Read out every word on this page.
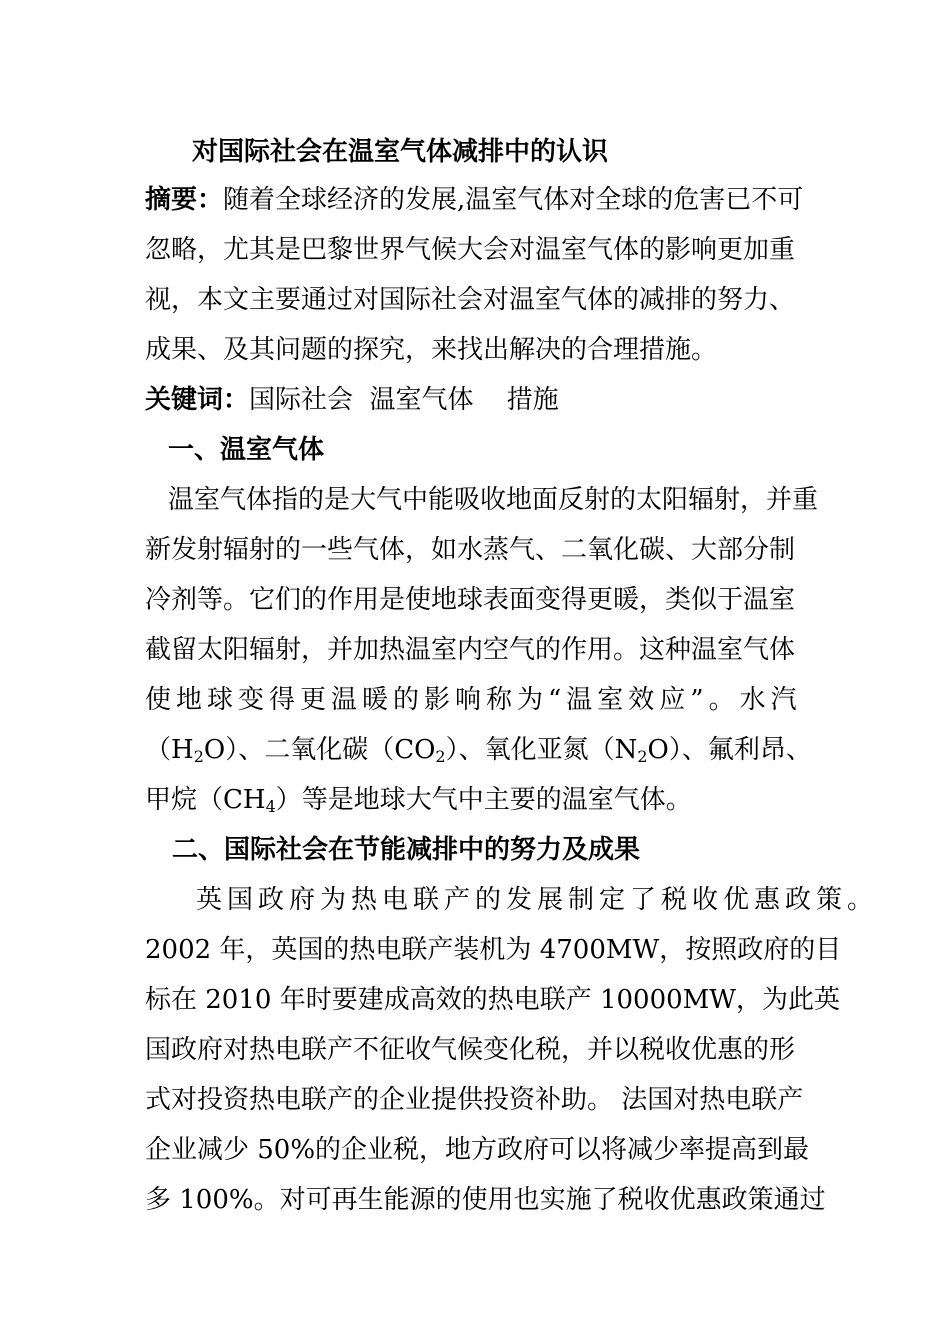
对国际社会在温室气体减排中的认识
摘要：随着全球经济的发展,温室气体对全球的危害已不可
忽略，尤其是巴黎世界气候大会对温室气体的影响更加重
视，本文主要通过对国际社会对温室气体的减排的努力、
成果、及其问题的探究，来找出解决的合理措施。
关键词：国际社会  温室气体    措施
一、温室气体
温室气体指的是大气中能吸收地面反射的太阳辐射，并重
新发射辐射的一些气体，如水蒸气、二氧化碳、大部分制
冷剂等。它们的作用是使地球表面变得更暖，类似于温室
截留太阳辐射，并加热温室内空气的作用。这种温室气体
使地球变得更温暖的影响称为“温室效应”。水汽
$(H_2O)$、二氧化碳$(CO_2)$、氧化亚氮$(N_2O)$、氟利昂、
甲烷$(CH_4)$等是地球大气中主要的温室气体。
二、国际社会在节能减排中的努力及成果
英国政府为热电联产的发展制定了税收优惠政策。
2002 年，英国的热电联产装机为 4700MW，按照政府的目
标在 2010 年时要建成高效的热电联产 10000MW，为此英
国政府对热电联产不征收气候变化税，并以税收优惠的形
式对投资热电联产的企业提供投资补助。 法国对热电联产
企业减少 50%的企业税，地方政府可以将减少率提高到最
多 100%。对可再生能源的使用也实施了税收优惠政策通过
